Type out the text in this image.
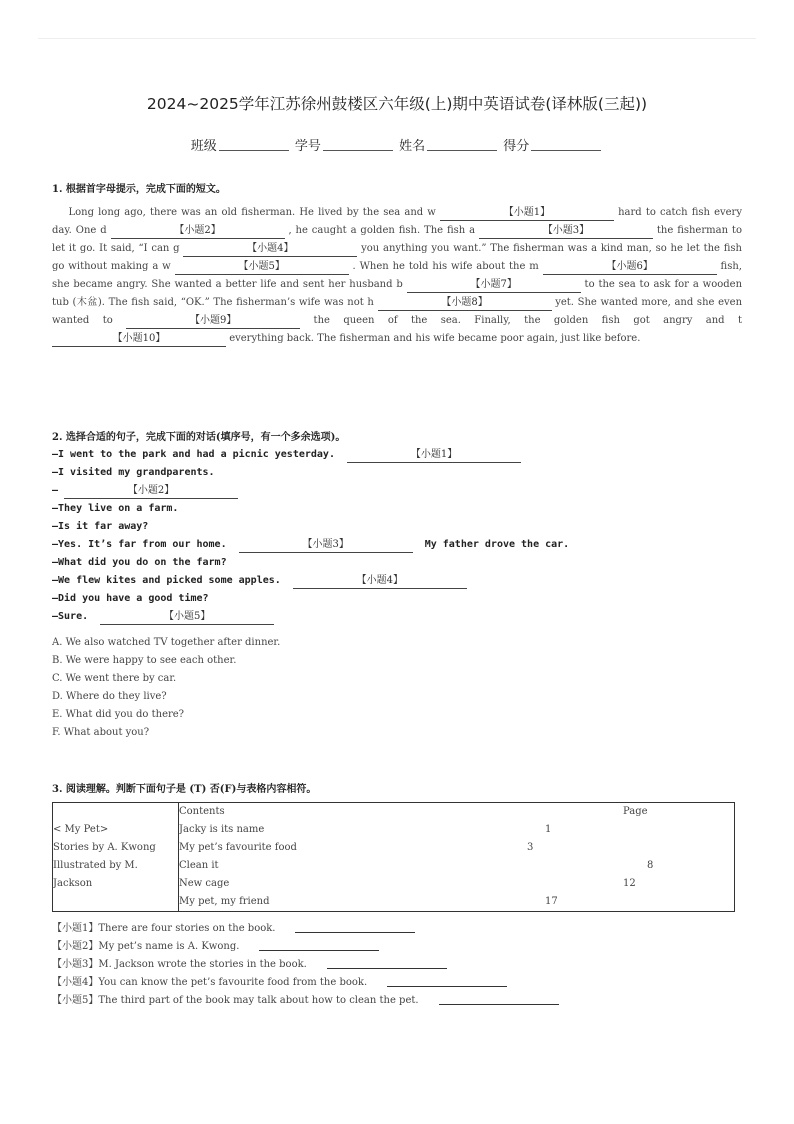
2024~2025学年江苏徐州鼓楼区六年级(上)期中英语试卷(译林版(三起))
班级	学号	姓名	得分
1. 根据首字母提示，完成下面的短文。
Long long ago, there was an old fisherman. He lived by the sea and w	【小题1】	hard to catch fish every day. One d	【小题2】	, he caught a golden fish. The fish a	【小题3】	the fisherman to let it go. It said, “I can g	【小题4】	you anything you want.” The fisherman was a kind man, so he let the fish go without making a w	【小题5】	. When he told his wife about the m	【小题6】	fish, she became angry. She wanted a better life and sent her husband b	【小题7】	to the sea to ask for a wooden tub (木盆). The fish said, “OK.” The fisherman’s wife was not h	【小题8】	yet. She wanted more, and she even wanted to	【小题9】	the queen of the sea. Finally, the golden fish got angry and t 【小题10】	everything back. The fisherman and his wife became poor again, just like before.
2. 选择合适的句子，完成下面的对话(填序号，有一个多余选项)。
—I went to the park and had a picnic yesterday.	【小题1】
—I visited my grandparents.
—	【小题2】
—They live on a farm.
—Is it far away?
—Yes. It’s far from our home.	【小题3】	My father drove the car.
—What did you do on the farm?
—We flew kites and picked some apples.	【小题4】
—Did you have a good time?
—Sure.	【小题5】
A. We also watched TV together after dinner.
B. We were happy to see each other.
C. We went there by car.
D. Where do they live?
E. What did you do there?
F. What about you?
3. 阅读理解。判断下面句子是 (T) 否(F)与表格内容相符。
< My Pet>
Stories by A. Kwong
Illustrated by M. Jackson

Contents	Page
Jacky is its name	1
My pet’s favourite food	3
Clean it	8
New cage	12
My pet, my friend	17
【小题1】There are four stories on the book.
【小题2】My pet’s name is A. Kwong.
【小题3】M. Jackson wrote the stories in the book.
【小题4】You can know the pet’s favourite food from the book.
【小题5】The third part of the book may talk about how to clean the pet.
